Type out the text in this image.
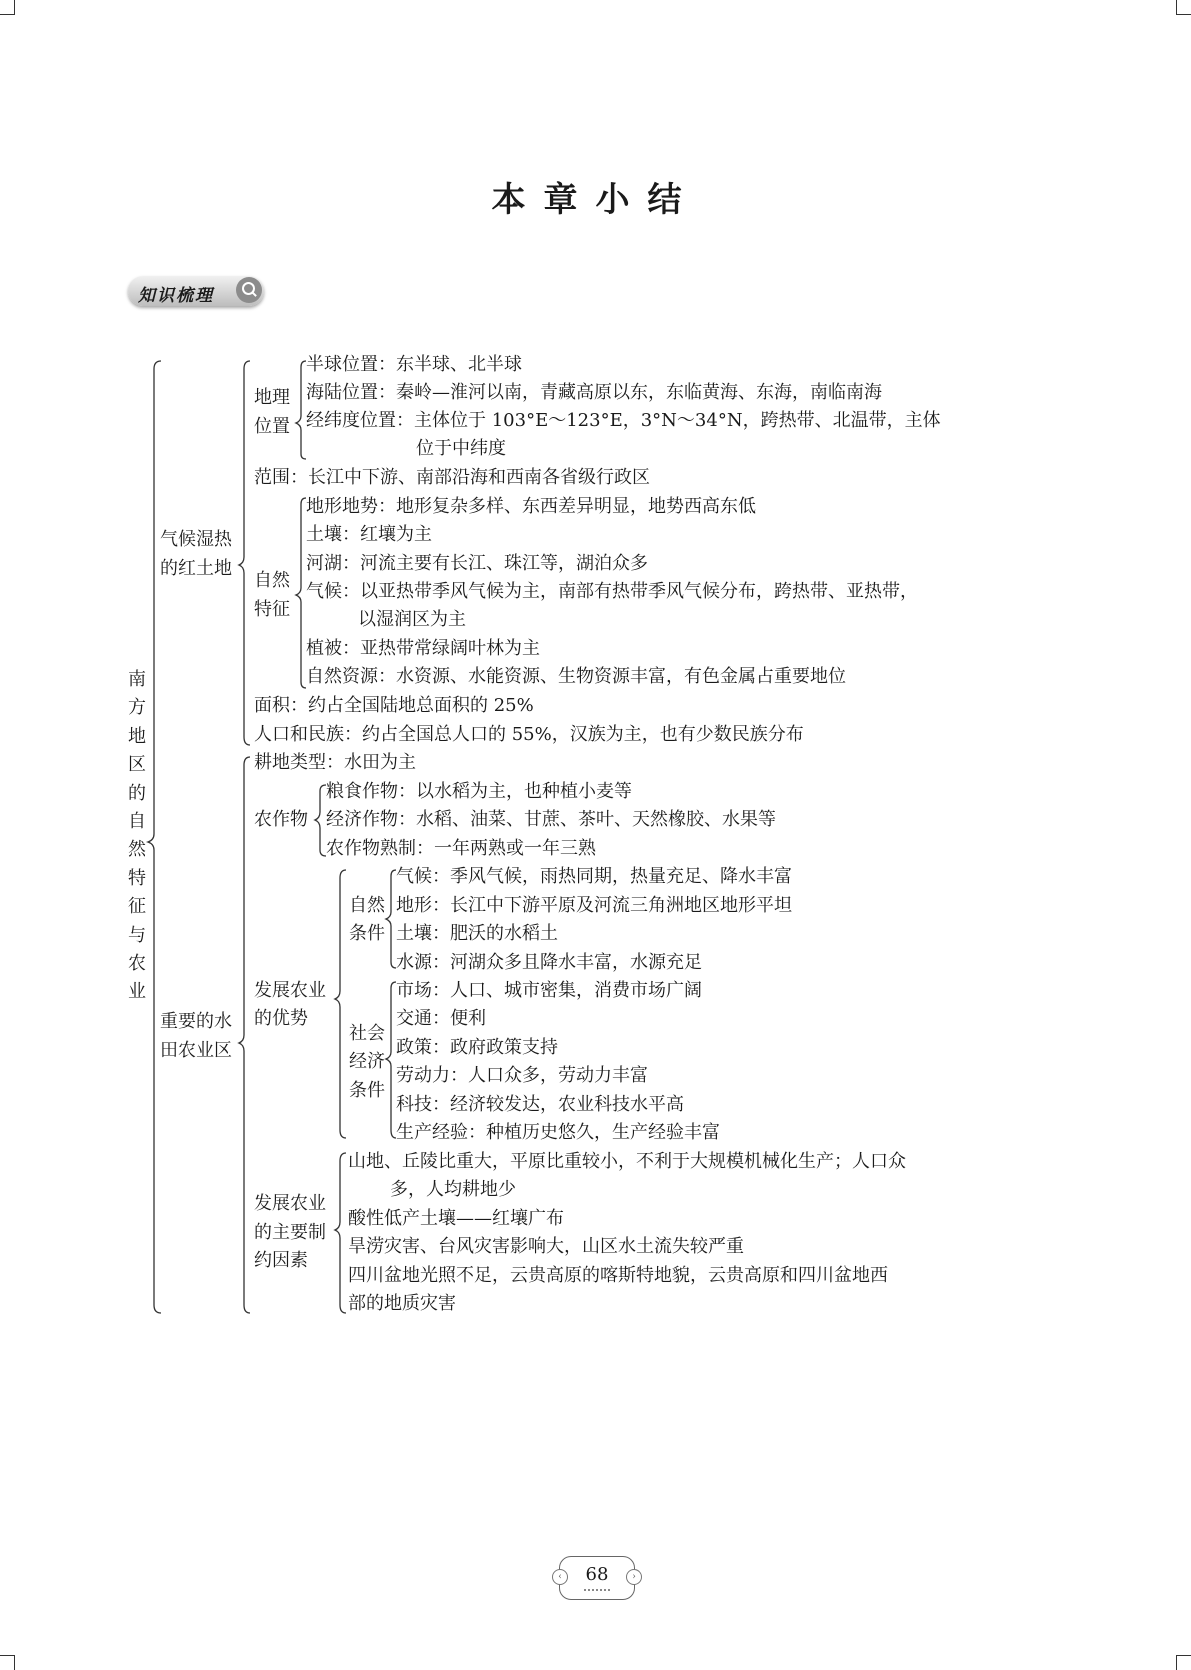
本章小结
知识梳理
南方地区的自然特征与农业
气候湿热的红土地
地理位置
半球位置：东半球、北半球
海陆位置：秦岭—淮河以南，青藏高原以东，东临黄海、东海，南临南海
经纬度位置：主体位于 103°E～123°E，3°N～34°N，跨热带、北温带，主体
位于中纬度
范围：长江中下游、南部沿海和西南各省级行政区
自然特征
地形地势：地形复杂多样、东西差异明显，地势西高东低
土壤：红壤为主
河湖：河流主要有长江、珠江等，湖泊众多
气候：以亚热带季风气候为主，南部有热带季风气候分布，跨热带、亚热带，
以湿润区为主
植被：亚热带常绿阔叶林为主
自然资源：水资源、水能资源、生物资源丰富，有色金属占重要地位
面积：约占全国陆地总面积的 25%
人口和民族：约占全国总人口的 55%，汉族为主，也有少数民族分布
重要的水田农业区
耕地类型：水田为主
农作物
粮食作物：以水稻为主，也种植小麦等
经济作物：水稻、油菜、甘蔗、茶叶、天然橡胶、水果等
农作物熟制：一年两熟或一年三熟
发展农业
的优势
自然
条件
气候：季风气候，雨热同期，热量充足、降水丰富
地形：长江中下游平原及河流三角洲地区地形平坦
土壤：肥沃的水稻土
水源：河湖众多且降水丰富，水源充足
社会
经济
条件
市场：人口、城市密集，消费市场广阔
交通：便利
政策：政府政策支持
劳动力：人口众多，劳动力丰富
科技：经济较发达，农业科技水平高
生产经验：种植历史悠久，生产经验丰富
发展农业
的主要制
约因素
山地、丘陵比重大，平原比重较小，不利于大规模机械化生产；人口众
多，人均耕地少
酸性低产土壤——红壤广布
旱涝灾害、台风灾害影响大，山区水土流失较严重
四川盆地光照不足，云贵高原的喀斯特地貌，云贵高原和四川盆地西
部的地质灾害
‹	68	›
